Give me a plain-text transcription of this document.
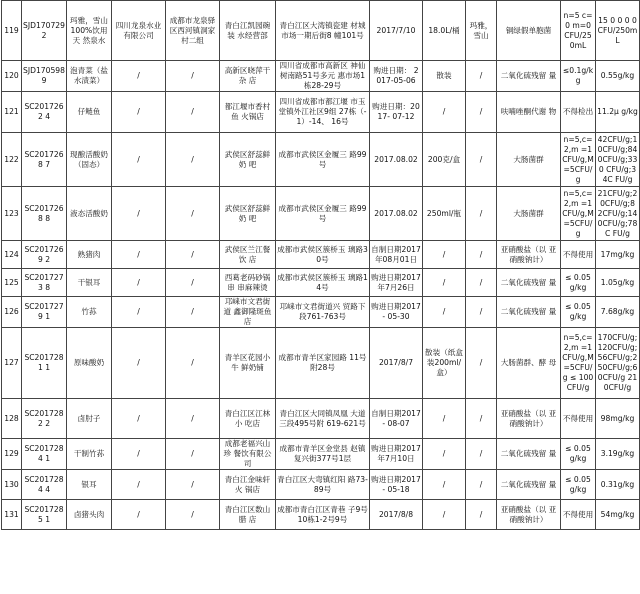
119	SJD170729 2	玛雅，雪山 100%饮用天 然泉水	四川龙泉水业 有限公司	成都市龙泉驿 区西河镇洞家 村二组	青白江凯园碗装 水经营部	青白江区大湾镇瓷建 材城市场一期后街8 幢101号	2017/7/10	18.0L/桶	玛雅，雪山	铜绿假单胞菌	n=5 c=0 m=0 CFU/250mL	15 0 0 0 0 CFU/250mL
120	SJD170598 9	泡青菜（盐 水渍菜）	/	/	高新区晓萍干杂 店	四川省成都市高新区 神仙树南路51号多元 惠市场1栋28-29号	购进日期： 2017-05-06	散装	/	二氧化硫残留 量	≤0.1g/kg	0.55g/kg
121	SC2017262 4	仔鲢鱼	/	/	都江堰市香村鱼 火锅店	四川省成都市都江堰 市玉堂镇外江社区9组 27栋（-1）-14、 16号	购进日期：2017- 07-12	/	/	呋喃唑酮代谢 物	不得检出	11.2μ g/kg
122	SC2017268 7	现酿活酸奶 （固态）	/	/	武侯区舒蕊鲜奶 吧	成都市武侯区金履三 路99号	2017.08.02	200克/盒	/	大肠菌群	n=5,c=2,m =1CFU/g,M =5CFU/g	42CFU/g;1 0CFU/g;84 0CFU/g;330 CFU/g;34C FU/g
123	SC2017268 8	液态活酸奶	/	/	武侯区舒蕊鲜奶 吧	成都市武侯区金履三 路99号	2017.08.02	250ml/瓶	/	大肠菌群	n=5,c=2,m =1CFU/g,M =5CFU/g	21CFU/g;2 0CFU/g;8 2CFU/g;14 0CFU/g;78C FU/g
124	SC2017269 2	熟猪肉	/	/	武侯区兰江餐饮 店	成都市武侯区簇桥玉 璃路30号	自制日期2017 年08月01日	/	/	亚硝酸盐（以 亚硝酸钠计）	不得使用	17mg/kg
125	SC2017273 8	干银耳	/	/	西葛老码砂锅串 串麻辣烫	成都市武侯区簇桥玉 璃路14号	购进日期2017 年7月26日	/	/	二氧化硫残留 量	≤ 0.05g/kg	1.05g/kg
126	SC2017279 1	竹荪	/	/	邛崃市文君街道 鑫御隆斑鱼店	邛崃市文君街道兴 贸路下段761-763号	购进日期2017- 05-30	/	/	二氧化硫残留 量	≤ 0.05g/kg	7.68g/kg
127	SC2017281 1	原味酸奶	/	/	青羊区花园小牛 鲜奶铺	成都市青羊区家园路 11号附28号	2017/8/7	散装（纸盒 装200ml/ 盒）	/	大肠菌群、酵 母	n=5,c=2,m =1CFU/g,M =5CFU/g ≤ 100CFU/g	170CFU/g; 120CFU/g; 56CFU/g;2 50CFU/g;6 0CFU/g 210CFU/g
128	SC2017282 2	卤肘子	/	/	青白江区江林小 吃店	青白江区大同镇凤凰 大道三段495号附 619-621号	自制日期2017- 08-07	/	/	亚硝酸盐（以 亚硝酸钠计）	不得使用	98mg/kg
129	SC2017284 1	干制竹荪	/	/	成都老福兴山珍 餐饮有限公司	成都市青羊区金堂县 赵镇复兴街377号1层	购进日期2017 年7月10日	/	/	二氧化硫残留 量	≤ 0.05g/kg	3.19g/kg
130	SC2017284 4	银耳	/	/	青白江金味轩火 锅店	青白江区大弯镇红阳 路73-89号	购进日期2017- 05-18	/	/	二氧化硫残留 量	≤ 0.05g/kg	0.31g/kg
131	SC2017285 1	卤猪头肉	/	/	青白江区数山腊 店	成都市青白江区青巷 子9号10栋1-2号9号	2017/8/8	/	/	亚硝酸盐（以 亚硝酸钠计）	不得使用	54mg/kg
